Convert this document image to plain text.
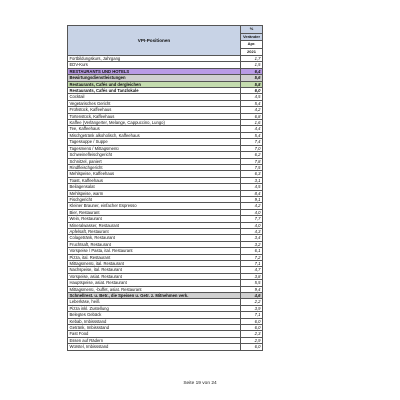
VPI-Positionen	%
	Veränder
	Apr.
	2021
Fortbildungskurs, Jahrgang	1,7
EDV-Kurs	1,5
RESTAURANTS UND HOTELS	6,4
Bewirtungsdienstleistungen	5,6
Restaurants, Cafés und dergleichen	5,8
Restaurants, Cafés und Tanzlokale	6,0
Cocktail	4,5
Vegetarisches Gericht	5,4
Frühstück, Kaffeehaus	4,2
Tortenstück, Kaffeehaus	6,8
Kaffee (Verlängerter, Melange, Cappuccino, Lungo)	1,6
Tee, Kaffeehaus	4,4
Mischgetränk alkoholisch, Kaffeehaus	5,4
Tagessuppe / Suppe	7,4
Tagesmenü / Mittagsmenü	7,0
Schweinefleischgericht	6,2
Schnitzel, paniert	7,8
Rindfleischgericht	7,5
Mehlspeise, Kaffeehaus	6,3
Toast, Kaffeehaus	3,1
Beilagensalat	4,5
Mehlspeise, warm	8,4
Fischgericht	9,1
Kleiner Brauner, einfacher Espresso	4,2
Bier, Restaurant	4,0
Wein, Restaurant	7,7
Mineralwasser, Restaurant	4,0
Apfelsaft, Restaurant	4,3
Colagetränk, Restaurant	3,4
Fruchtsaft, Restaurant	3,2
Vorspeise / Pasta, ital. Restaurant	6,1
Pizza, ital. Restaurant	7,2
Mittagsmenü, ital. Restaurant	7,1
Nachspeise, ital. Restaurant	4,7
Vorspeise, asiat. Restaurant	3,8
Hauptspeise, asiat. Restaurant	5,5
Mittagsmenü, -buffet, asiat. Restaurant	9,4
Schnellrest. u. Betr., die Speisen u. Getr. z. Mitnehmen verk.	4,6
Leberkäse, heiß	2,2
Pizza inkl. Zustellung	3,9
Belegtes Gebäck	7,1
Kebab, Imbissstand	6,0
Getränk, Imbissstand	6,0
Fast Food	2,3
Essen auf Rädern	2,9
Würstel, Imbissstand	6,0
Seite 19 von 24
